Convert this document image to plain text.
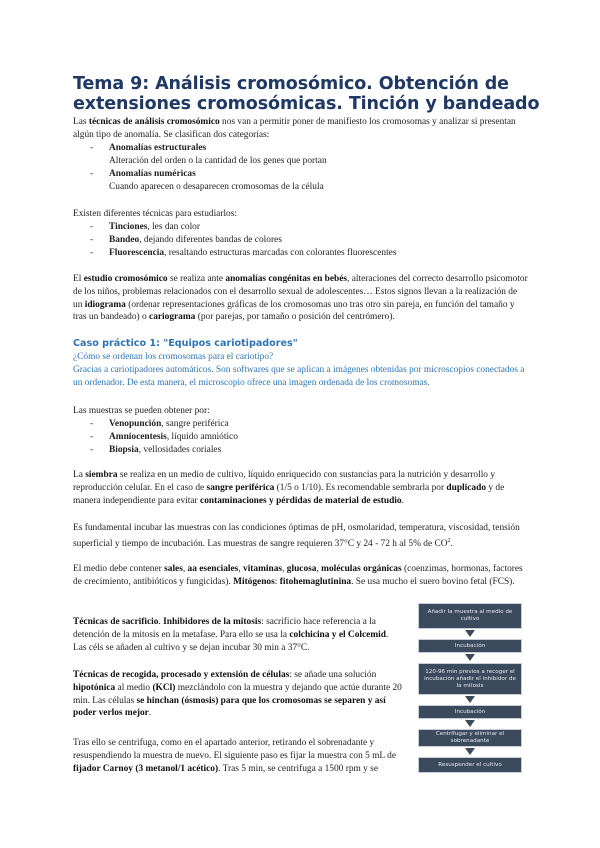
Tema 9: Análisis cromosómico. Obtención de extensiones cromosómicas. Tinción y bandeado

Las técnicas de análisis cromosómico nos van a permitir poner de manifiesto los cromosomas y analizar si presentan algún tipo de anomalía. Se clasifican dos categorías:

- Anomalías estructurales
Alteración del orden o la cantidad de los genes que portan
- Anomalías numéricas
Cuando aparecen o desaparecen cromosomas de la célula

Existen diferentes técnicas para estudiarlos:

- Tinciones, les dan color
- Bandeo, dejando diferentes bandas de colores
- Fluorescencia, resaltando estructuras marcadas con colorantes fluorescentes

El estudio cromosómico se realiza ante anomalías congénitas en bebés, alteraciones del correcto desarrollo psicomotor de los niños, problemas relacionados con el desarrollo sexual de adolescentes… Estos signos llevan a la realización de un idiograma (ordenar representaciones gráficas de los cromosomas uno tras otro sin pareja, en función del tamaño y tras un bandeado) o cariograma (por parejas, por tamaño o posición del centrómero).

Caso práctico 1: "Equipos cariotipadores"

¿Cómo se ordenan los cromosomas para el cariotipo?

Gracias a cariotipadores automáticos. Son softwares que se aplican a imágenes obtenidas por microscopios conectados a un ordenador. De esta manera, el microscopio ofrece una imagen ordenada de los cromosomas.

Las muestras se pueden obtener por:

- Venopunción, sangre periférica
- Amniocentesis, líquido amniótico
- Biopsia, vellosidades coriales

La siembra se realiza en un medio de cultivo, líquido enriquecido con sustancias para la nutrición y desarrollo y reproducción celular. En el caso de sangre periférica (1/5 o 1/10). Es recomendable sembrarla por duplicado y de manera independiente para evitar contaminaciones y pérdidas de material de estudio.

Es fundamental incubar las muestras con las condiciones óptimas de pH, osmolaridad, temperatura, viscosidad, tensión superficial y tiempo de incubación. Las muestras de sangre requieren 37°C y 24 - 72 h al 5% de $CO^2$.

El medio debe contener sales, aa esenciales, vitaminas, glucosa, moléculas orgánicas (coenzimas, hormonas, factores de crecimiento, antibióticos y fungicidas). Mitógenos: fitohemaglutinina. Se usa mucho el suero bovino fetal (FCS).

Técnicas de sacrificio. Inhibidores de la mitosis: sacrificio hace referencia a la detención de la mitosis en la metafase. Para ello se usa la colchicina y el Colcemid. Las céls se añaden al cultivo y se dejan incubar 30 min a 37°C.

Técnicas de recogida, procesado y extensión de células: se añade una solución hipotónica al medio (KCl) mezclándolo con la muestra y dejando que actúe durante 20 min. Las células se hinchan (ósmosis) para que los cromosomas se separen y así poder verlos mejor.

Tras ello se centrifuga, como en el apartado anterior, retirando el sobrenadante y resuspendiendo la muestra de nuevo. El siguiente paso es fijar la muestra con 5 mL de fijador Carnoy (3 metanol/1 acético). Tras 5 min, se centrifuga a 1500 rpm y se

Añadir la muestra al medio de cultivo
Incubación
120-96 min previos a recoger el incubación añadir el inhibidor de la mitosis
Incubación
Centrifugar y eliminar el sobrenadante
Resuspender el cultivo
